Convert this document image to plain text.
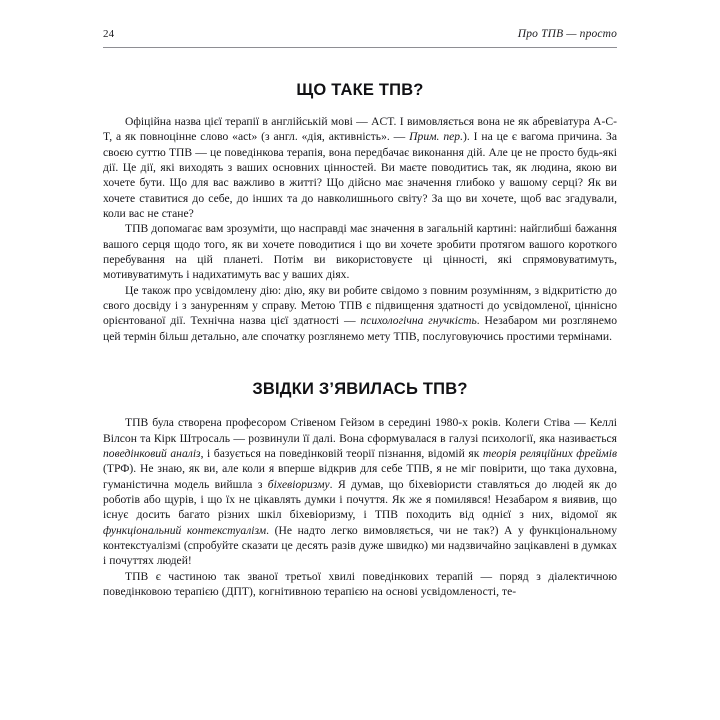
24	Про ТПВ — просто
ЩО ТАКЕ ТПВ?

Офіційна назва цієї терапії в англійській мові — ACT. І вимовляється вона не як абревіатура A-C-T, а як повноцінне слово «act» (з англ. «дія, активність». — Прим. пер.). І на це є вагома причина. За своєю суттю ТПВ — це поведінкова терапія, вона передбачає виконання дій. Але це не просто будь-які дії. Це дії, які виходять з ваших основних цінностей. Ви маєте поводитись так, як людина, якою ви хочете бути. Що для вас важливо в житті? Що дійсно має значення глибоко у вашому серці? Як ви хочете ставитися до себе, до інших та до навколишнього світу? За що ви хочете, щоб вас згадували, коли вас не стане?

ТПВ допомагає вам зрозуміти, що насправді має значення в загальній картині: найглибші бажання вашого серця щодо того, як ви хочете поводитися і що ви хочете зробити протягом вашого короткого перебування на цій планеті. Потім ви використовуєте ці цінності, які спрямовуватимуть, мотивуватимуть і надихатимуть вас у ваших діях.

Це також про усвідомлену дію: дію, яку ви робите свідомо з повним розумінням, з відкритістю до свого досвіду і з зануренням у справу. Метою ТПВ є підвищення здатності до усвідомленої, ціннісно орієнтованої дії. Технічна назва цієї здатності — психологічна гнучкість. Незабаром ми розглянемо цей термін більш детально, але спочатку розглянемо мету ТПВ, послуговуючись простими термінами.

ЗВІДКИ З’ЯВИЛАСЬ ТПВ?

ТПВ була створена професором Стівеном Гейзом в середині 1980-х років. Колеги Стіва — Келлі Вілсон та Кірк Штросаль — розвинули її далі. Вона сформувалася в галузі психології, яка називається поведінковий аналіз, і базується на поведінковій теорії пізнання, відомій як теорія реляційних фреймів (ТРФ). Не знаю, як ви, але коли я вперше відкрив для себе ТПВ, я не міг повірити, що така духовна, гуманістична модель вийшла з біхевіоризму. Я думав, що біхевіористи ставляться до людей як до роботів або щурів, і що їх не цікавлять думки і почуття. Як же я помилявся! Незабаром я виявив, що існує досить багато різних шкіл біхевіоризму, і ТПВ походить від однієї з них, відомої як функціональний контекстуалізм. (Не надто легко вимовляється, чи не так?) А у функціональному контекстуалізмі (спробуйте сказати це десять разів дуже швидко) ми надзвичайно зацікавлені в думках і почуттях людей!

ТПВ є частиною так званої третьої хвилі поведінкових терапій — поряд з діалектичною поведінковою терапією (ДПТ), когнітивною терапією на основі усвідомленості, те-
